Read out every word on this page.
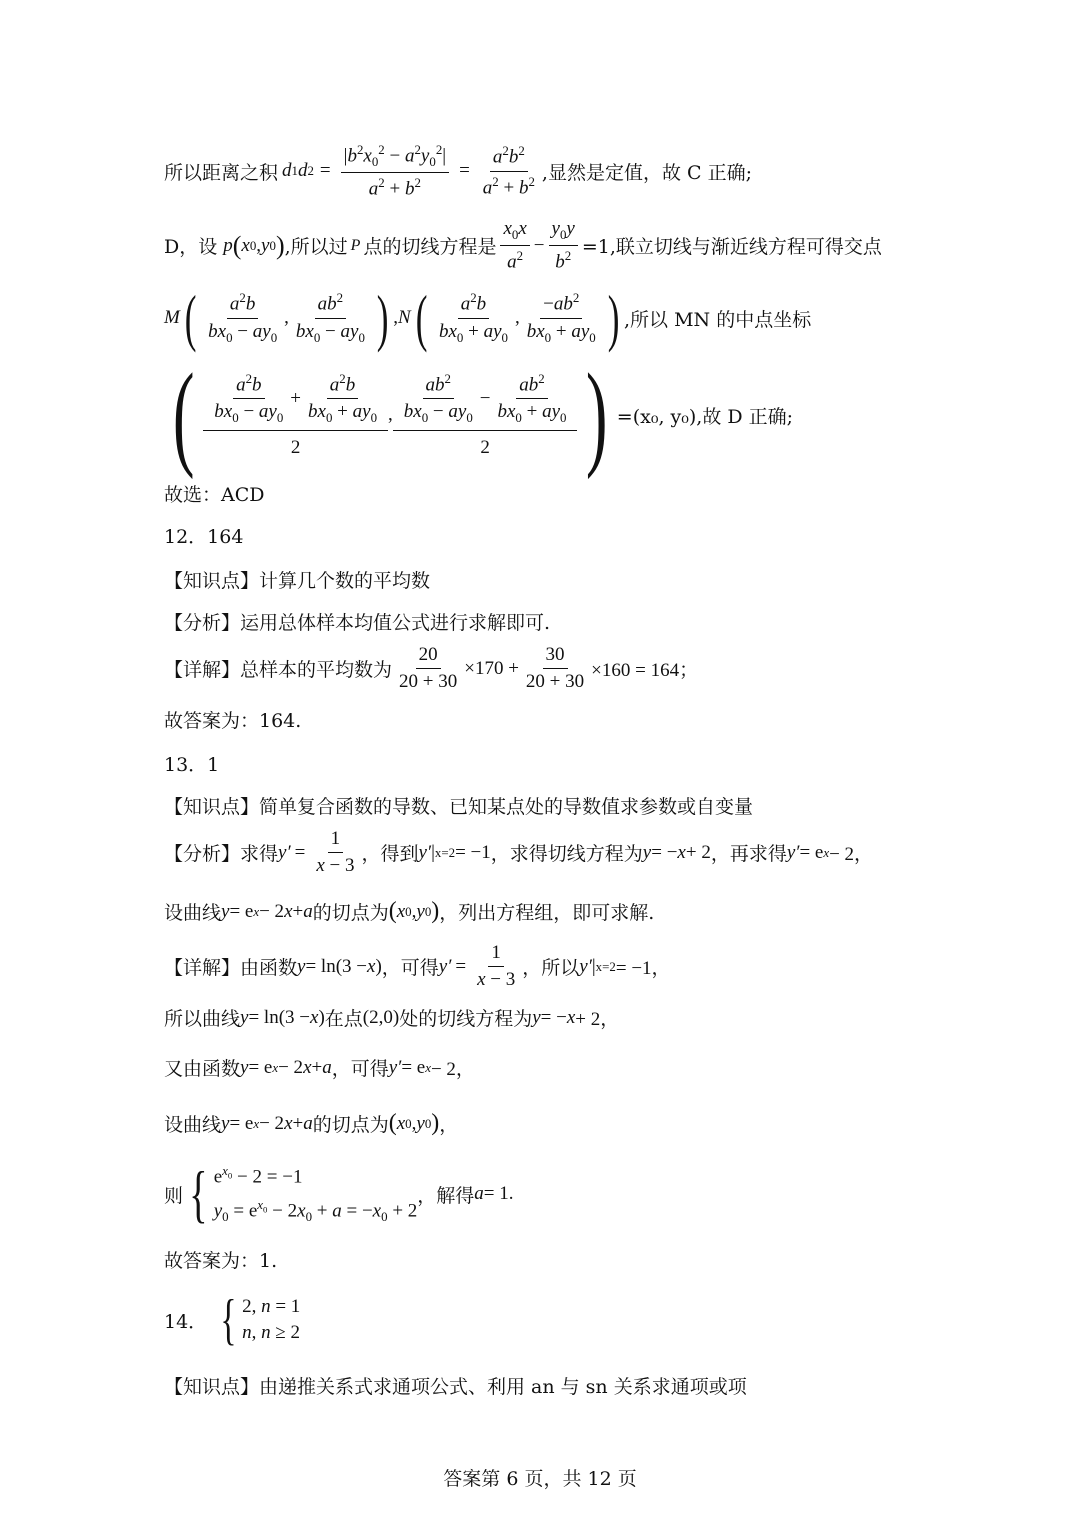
所以距离之积 d 1 d $2 = \frac{|b^2x_0^2 - a^2y_0^2|}{a^2 + b^2} = \frac{a^2b^2}{a^2 + b^2}$ ,显然是定值，故 C 正确;
D，设 p ( x 0 , y 0 ) ,所以过 P 点的切线方程是 $\frac{x_0x}{a^2} - \frac{y_0y}{b^2} =1$,联立切线与渐近线方程可得交点
M ( $\frac{a^2b}{bx_0 - ay_0}$ , $\frac{ab^2}{bx_0 - ay_0}$ ) , N ( $\frac{a^2b}{bx_0 + ay_0}$ , $\frac{-ab^2}{bx_0 + ay_0}$ ) ,所以 MN 的中点坐标
( $\frac{\frac{a^2b}{bx_0 - ay_0} + \frac{a^2b}{bx_0 + ay_0}}{2}$ , $\frac{\frac{ab^2}{bx_0 - ay_0} - \frac{ab^2}{bx_0 + ay_0}}{2}$ ) =(x₀, y₀),故 D 正确;
故选：ACD
12．164
【知识点】计算几个数的平均数
【分析】运用总体样本均值公式进行求解即可.
【详解】总样本的平均数为 $\frac{20}{20 + 30} \times 170 + \frac{30}{20 + 30} \times 160 = 164$；
故答案为：164.
13．1
【知识点】简单复合函数的导数、已知某点处的导数值求参数或自变量
【分析】求得 $y' = \frac{1}{x - 3}$ ，得到 y′ | x=2 = −1 ，求得切线方程为 y = − x + 2 ，再求得 y′ = e x − 2，
设曲线 y = e x − 2 x + a 的切点为 ( x 0 , y 0 ) ，列出方程组，即可求解.
【详解】由函数 y = ln(3 − x ) ，可得 $y' = \frac{1}{x - 3}$ ，所以 y′ | x=2 = −1，
所以曲线 y = ln(3 − x ) 在点 (2,0) 处的切线方程为 y = − x + 2，
又由函数 y = e x − 2 x + a ，可得 y′ = e x − 2，
设曲线 y = e x − 2 x + a 的切点为 ( x 0 , y 0 ) ，
则 { $e^{x_0} - 2 = -1$
$y_0 = e^{x_0} - 2x_0 + a = -x_0 + 2$
，解得 a = 1.
故答案为：1.
14． { 2, n = 1
n, n ≥ 2
【知识点】由递推关系式求通项公式、利用 an 与 sn 关系求通项或项
答案第 6 页，共 12 页
